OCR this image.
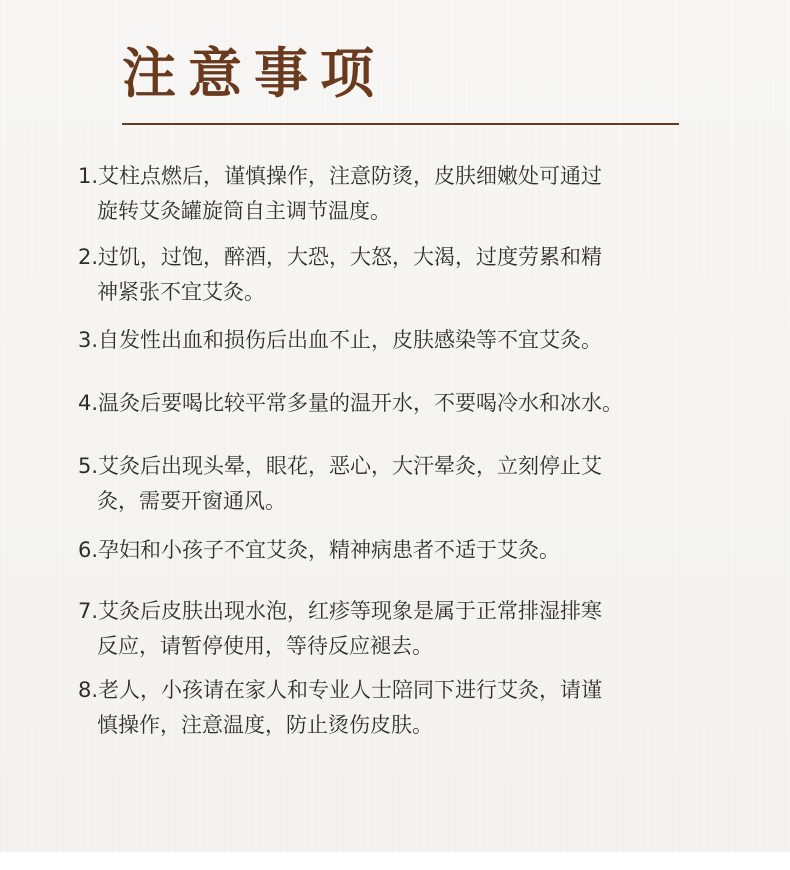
注意事项
1.艾柱点燃后，谨慎操作，注意防烫，皮肤细嫩处可通过
旋转艾灸罐旋筒自主调节温度。
2.过饥，过饱，醉酒，大恐，大怒，大渴，过度劳累和精
神紧张不宜艾灸。
3.自发性出血和损伤后出血不止，皮肤感染等不宜艾灸。
4.温灸后要喝比较平常多量的温开水，不要喝冷水和冰水。
5.艾灸后出现头晕，眼花，恶心，大汗晕灸，立刻停止艾
灸，需要开窗通风。
6.孕妇和小孩子不宜艾灸，精神病患者不适于艾灸。
7.艾灸后皮肤出现水泡，红疹等现象是属于正常排湿排寒
反应，请暂停使用，等待反应褪去。
8.老人，小孩请在家人和专业人士陪同下进行艾灸，请谨
慎操作，注意温度，防止烫伤皮肤。
